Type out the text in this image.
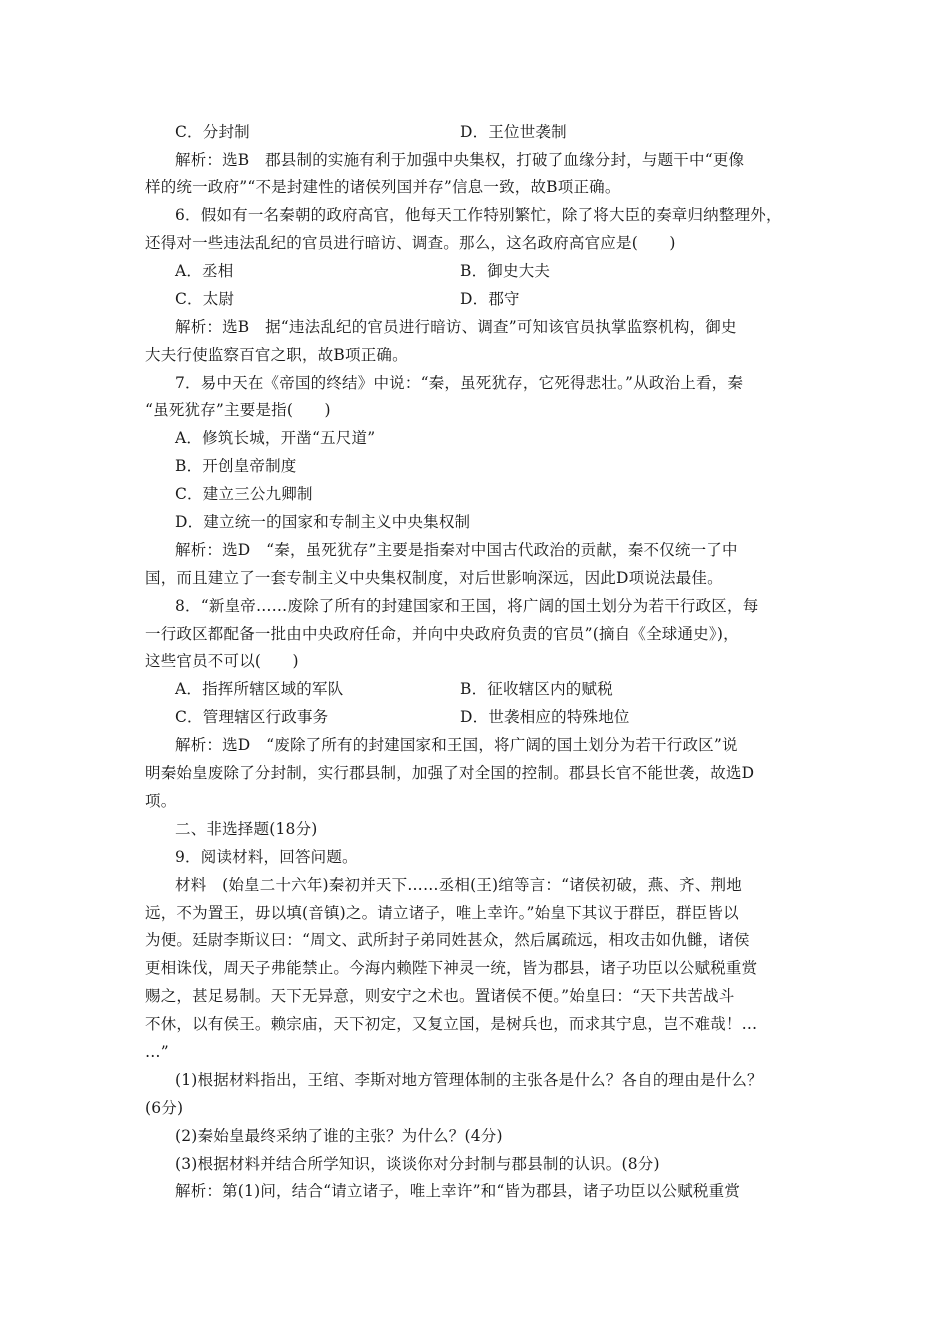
C．分封制	D．王位世袭制
解析：选B　郡县制的实施有利于加强中央集权，打破了血缘分封，与题干中“更像
样的统一政府”“不是封建性的诸侯列国并存”信息一致，故B项正确。
6．假如有一名秦朝的政府高官，他每天工作特别繁忙，除了将大臣的奏章归纳整理外，
还得对一些违法乱纪的官员进行暗访、调查。那么，这名政府高官应是(　　)
A．丞相	B．御史大夫
C．太尉	D．郡守
解析：选B　据“违法乱纪的官员进行暗访、调查”可知该官员执掌监察机构，御史
大夫行使监察百官之职，故B项正确。
7．易中天在《帝国的终结》中说：“秦，虽死犹存，它死得悲壮。”从政治上看，秦
“虽死犹存”主要是指(　　)
A．修筑长城，开凿“五尺道”
B．开创皇帝制度
C．建立三公九卿制
D．建立统一的国家和专制主义中央集权制
解析：选D　“秦，虽死犹存”主要是指秦对中国古代政治的贡献，秦不仅统一了中
国，而且建立了一套专制主义中央集权制度，对后世影响深远，因此D项说法最佳。
8．“新皇帝……废除了所有的封建国家和王国，将广阔的国土划分为若干行政区，每
一行政区都配备一批由中央政府任命，并向中央政府负责的官员”(摘自《全球通史》)，
这些官员不可以(　　)
A．指挥所辖区域的军队	B．征收辖区内的赋税
C．管理辖区行政事务	D．世袭相应的特殊地位
解析：选D　“废除了所有的封建国家和王国，将广阔的国土划分为若干行政区”说
明秦始皇废除了分封制，实行郡县制，加强了对全国的控制。郡县长官不能世袭，故选D
项。
二、非选择题(18分)
9．阅读材料，回答问题。
材料　(始皇二十六年)秦初并天下……丞相(王)绾等言：“诸侯初破，燕、齐、荆地
远，不为置王，毋以填(音镇)之。请立诸子，唯上幸许。”始皇下其议于群臣，群臣皆以
为便。廷尉李斯议曰：“周文、武所封子弟同姓甚众，然后属疏远，相攻击如仇雠，诸侯
更相诛伐，周天子弗能禁止。今海内赖陛下神灵一统，皆为郡县，诸子功臣以公赋税重赏
赐之，甚足易制。天下无异意，则安宁之术也。置诸侯不便。”始皇曰：“天下共苦战斗
不休，以有侯王。赖宗庙，天下初定，又复立国，是树兵也，而求其宁息，岂不难哉！…
…”
(1)根据材料指出，王绾、李斯对地方管理体制的主张各是什么？各自的理由是什么？
(6分)
(2)秦始皇最终采纳了谁的主张？为什么？(4分)
(3)根据材料并结合所学知识，谈谈你对分封制与郡县制的认识。(8分)
解析：第(1)问，结合“请立诸子，唯上幸许”和“皆为郡县，诸子功臣以公赋税重赏
